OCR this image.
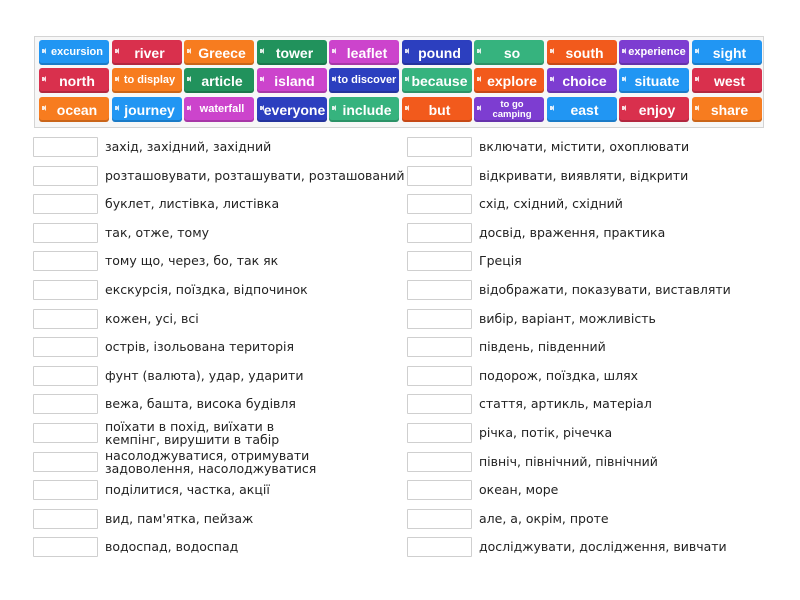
excursion river Greece tower leaflet pound	so	south experience sight
north	to display article island to discover because explore choice situate west
ocean journey waterfall everyone include	but	to go camping	east	enjoy	share
захід, західний, західний
розташовувати, розташувати, розташований
буклет, листівка, листівка
так, отже, тому
тому що, через, бо, так як
екскурсія, поїздка, відпочинок
кожен, усі, всі
острів, ізольована територія
фунт (валюта), удар, ударити
вежа, башта, висока будівля
поїхати в похід, виїхати в
кемпінг, вирушити в табір
насолоджуватися, отримувати
задоволення, насолоджуватися
поділитися, частка, акції
вид, пам'ятка, пейзаж
водоспад, водоспад
включати, містити, охоплювати
відкривати, виявляти, відкрити
схід, східний, східний
досвід, враження, практика
Греція
відображати, показувати, виставляти
вибір, варіант, можливість
південь, південний
подорож, поїздка, шлях
стаття, артикль, матеріал
річка, потік, річечка
північ, північний, північний
океан, море
але, а, окрім, проте
досліджувати, дослідження, вивчати
